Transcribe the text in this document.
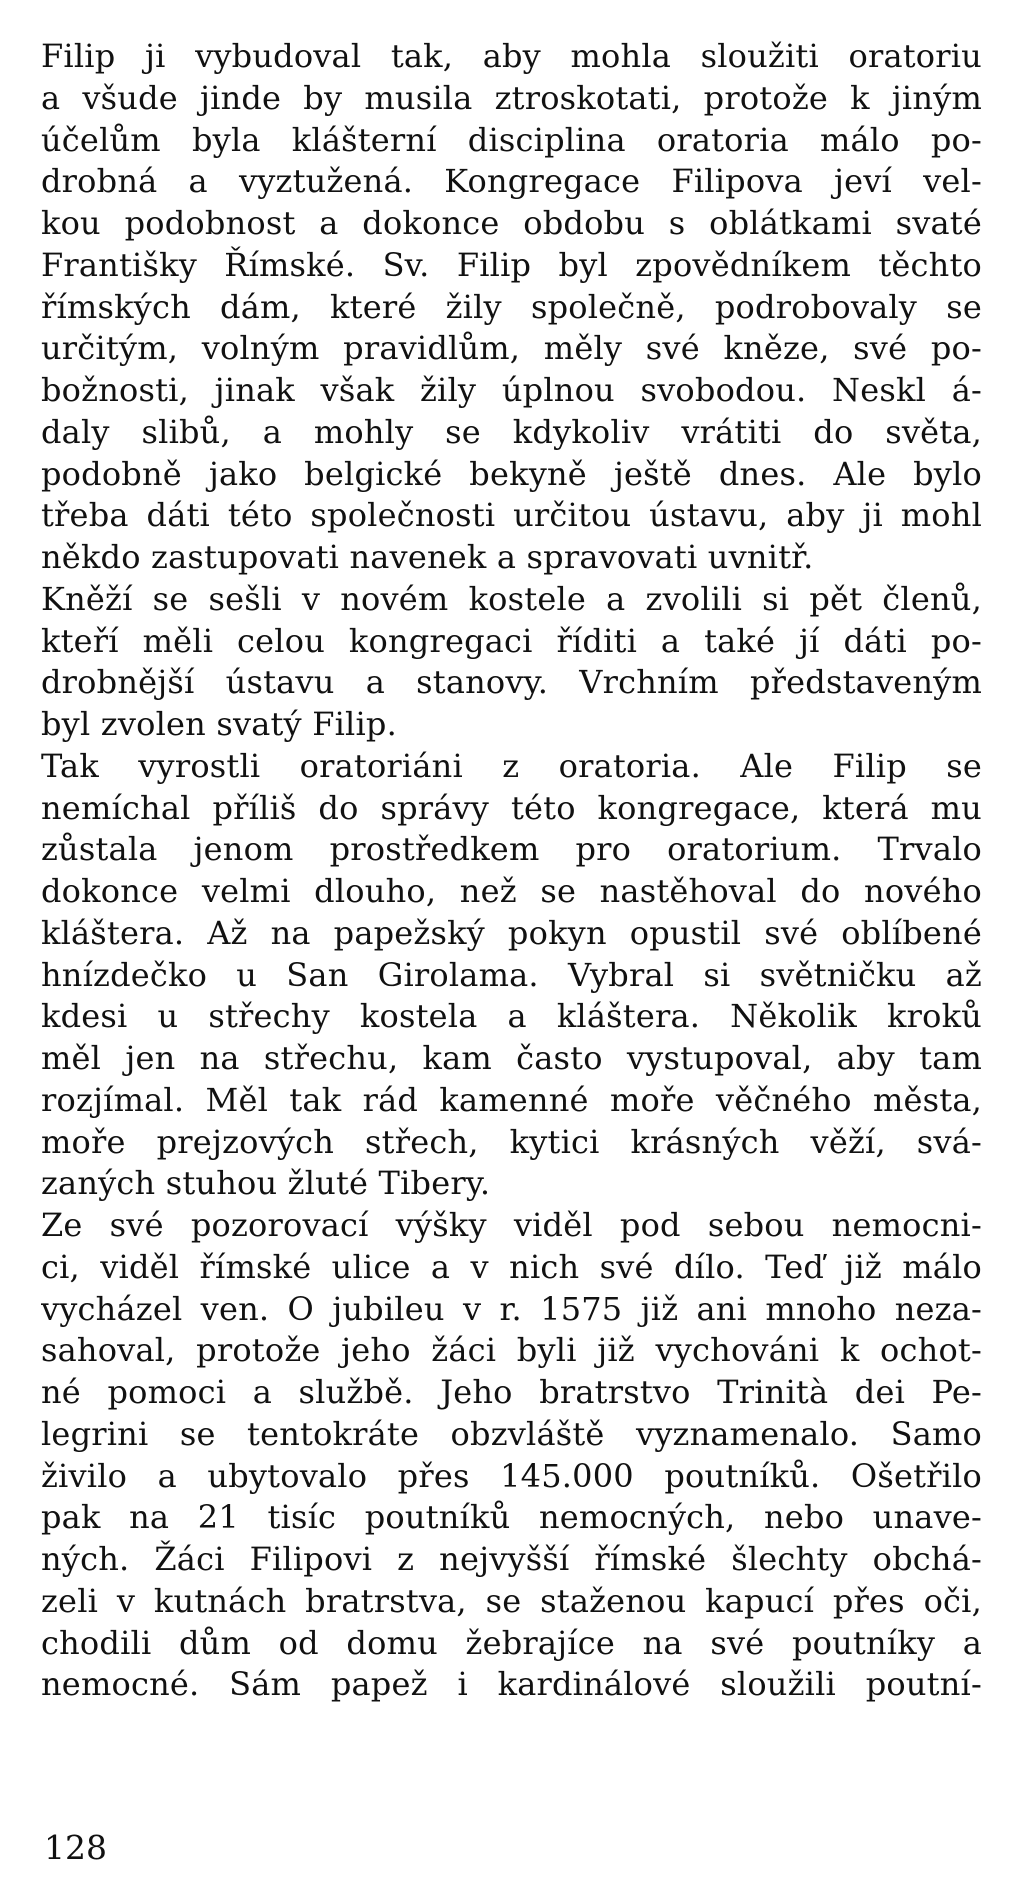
Filip ji vybudoval tak, aby mohla sloužiti oratoriu
a všude jinde by musila ztroskotati, protože k jiným
účelům byla klášterní disciplina oratoria málo po-
drobná a vyztužená. Kongregace Filipova jeví vel-
kou podobnost a dokonce obdobu s oblátkami svaté
Františky Římské. Sv. Filip byl zpovědníkem těchto
římských dám, které žily společně, podrobovaly se
určitým, volným pravidlům, měly své kněze, své po-
božnosti, jinak však žily úplnou svobodou. Neskl á-
daly slibů, a mohly se kdykoliv vrátiti do světa,
podobně jako belgické bekyně ještě dnes. Ale bylo
třeba dáti této společnosti určitou ústavu, aby ji mohl
někdo zastupovati navenek a spravovati uvnitř.
Kněží se sešli v novém kostele a zvolili si pět členů,
kteří měli celou kongregaci říditi a také jí dáti po-
drobnější ústavu a stanovy. Vrchním představeným
byl zvolen svatý Filip.
Tak vyrostli oratoriáni z oratoria. Ale Filip se
nemíchal příliš do správy této kongregace, která mu
zůstala jenom prostředkem pro oratorium. Trvalo
dokonce velmi dlouho, než se nastěhoval do nového
kláštera. Až na papežský pokyn opustil své oblíbené
hnízdečko u San Girolama. Vybral si světničku až
kdesi u střechy kostela a kláštera. Několik kroků
měl jen na střechu, kam často vystupoval, aby tam
rozjímal. Měl tak rád kamenné moře věčného města,
moře prejzových střech, kytici krásných věží, svá-
zaných stuhou žluté Tibery.
Ze své pozorovací výšky viděl pod sebou nemocni-
ci, viděl římské ulice a v nich své dílo. Teď již málo
vycházel ven. O jubileu v r. 1575 již ani mnoho neza-
sahoval, protože jeho žáci byli již vychováni k ochot-
né pomoci a službě. Jeho bratrstvo Trinità dei Pe-
legrini se tentokráte obzvláště vyznamenalo. Samo
živilo a ubytovalo přes 145.000 poutníků. Ošetřilo
pak na 21 tisíc poutníků nemocných, nebo unave-
ných. Žáci Filipovi z nejvyšší římské šlechty obchá-
zeli v kutnách bratrstva, se staženou kapucí přes oči,
chodili dům od domu žebrajíce na své poutníky a
nemocné. Sám papež i kardinálové sloužili poutní-
128
